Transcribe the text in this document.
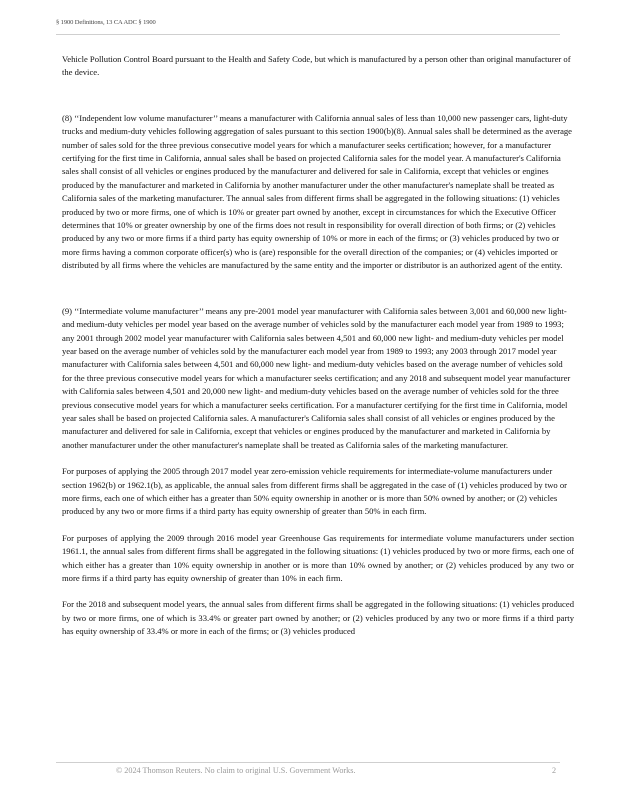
§ 1900 Definitions, 13 CA ADC § 1900

Vehicle Pollution Control Board pursuant to the Health and Safety Code, but which is manufactured by a person other than original manufacturer of the device.

(8) ‘‘Independent low volume manufacturer’’ means a manufacturer with California annual sales of less than 10,000 new passenger cars, light-duty trucks and medium-duty vehicles following aggregation of sales pursuant to this section 1900(b)(8). Annual sales shall be determined as the average number of sales sold for the three previous consecutive model years for which a manufacturer seeks certification; however, for a manufacturer certifying for the first time in California, annual sales shall be based on projected California sales for the model year. A manufacturer's California sales shall consist of all vehicles or engines produced by the manufacturer and delivered for sale in California, except that vehicles or engines produced by the manufacturer and marketed in California by another manufacturer under the other manufacturer's nameplate shall be treated as California sales of the marketing manufacturer. The annual sales from different firms shall be aggregated in the following situations: (1) vehicles produced by two or more firms, one of which is 10% or greater part owned by another, except in circumstances for which the Executive Officer determines that 10% or greater ownership by one of the firms does not result in responsibility for overall direction of both firms; or (2) vehicles produced by any two or more firms if a third party has equity ownership of 10% or more in each of the firms; or (3) vehicles produced by two or more firms having a common corporate officer(s) who is (are) responsible for the overall direction of the companies; or (4) vehicles imported or distributed by all firms where the vehicles are manufactured by the same entity and the importer or distributor is an authorized agent of the entity.

(9) ‘‘Intermediate volume manufacturer’’ means any pre-2001 model year manufacturer with California sales between 3,001 and 60,000 new light- and medium-duty vehicles per model year based on the average number of vehicles sold by the manufacturer each model year from 1989 to 1993; any 2001 through 2002 model year manufacturer with California sales between 4,501 and 60,000 new light- and medium-duty vehicles per model year based on the average number of vehicles sold by the manufacturer each model year from 1989 to 1993; any 2003 through 2017 model year manufacturer with California sales between 4,501 and 60,000 new light- and medium-duty vehicles based on the average number of vehicles sold for the three previous consecutive model years for which a manufacturer seeks certification; and any 2018 and subsequent model year manufacturer with California sales between 4,501 and 20,000 new light- and medium-duty vehicles based on the average number of vehicles sold for the three previous consecutive model years for which a manufacturer seeks certification. For a manufacturer certifying for the first time in California, model year sales shall be based on projected California sales. A manufacturer's California sales shall consist of all vehicles or engines produced by the manufacturer and delivered for sale in California, except that vehicles or engines produced by the manufacturer and marketed in California by another manufacturer under the other manufacturer's nameplate shall be treated as California sales of the marketing manufacturer.

For purposes of applying the 2005 through 2017 model year zero-emission vehicle requirements for intermediate-volume manufacturers under section 1962(b) or 1962.1(b), as applicable, the annual sales from different firms shall be aggregated in the case of (1) vehicles produced by two or more firms, each one of which either has a greater than 50% equity ownership in another or is more than 50% owned by another; or (2) vehicles produced by any two or more firms if a third party has equity ownership of greater than 50% in each firm.

For purposes of applying the 2009 through 2016 model year Greenhouse Gas requirements for intermediate volume manufacturers under section 1961.1, the annual sales from different firms shall be aggregated in the following situations: (1) vehicles produced by two or more firms, each one of which either has a greater than 10% equity ownership in another or is more than 10% owned by another; or (2) vehicles produced by any two or more firms if a third party has equity ownership of greater than 10% in each firm.

For the 2018 and subsequent model years, the annual sales from different firms shall be aggregated in the following situations: (1) vehicles produced by two or more firms, one of which is 33.4% or greater part owned by another; or (2) vehicles produced by any two or more firms if a third party has equity ownership of 33.4% or more in each of the firms; or (3) vehicles produced

© 2024 Thomson Reuters. No claim to original U.S. Government Works.	2
